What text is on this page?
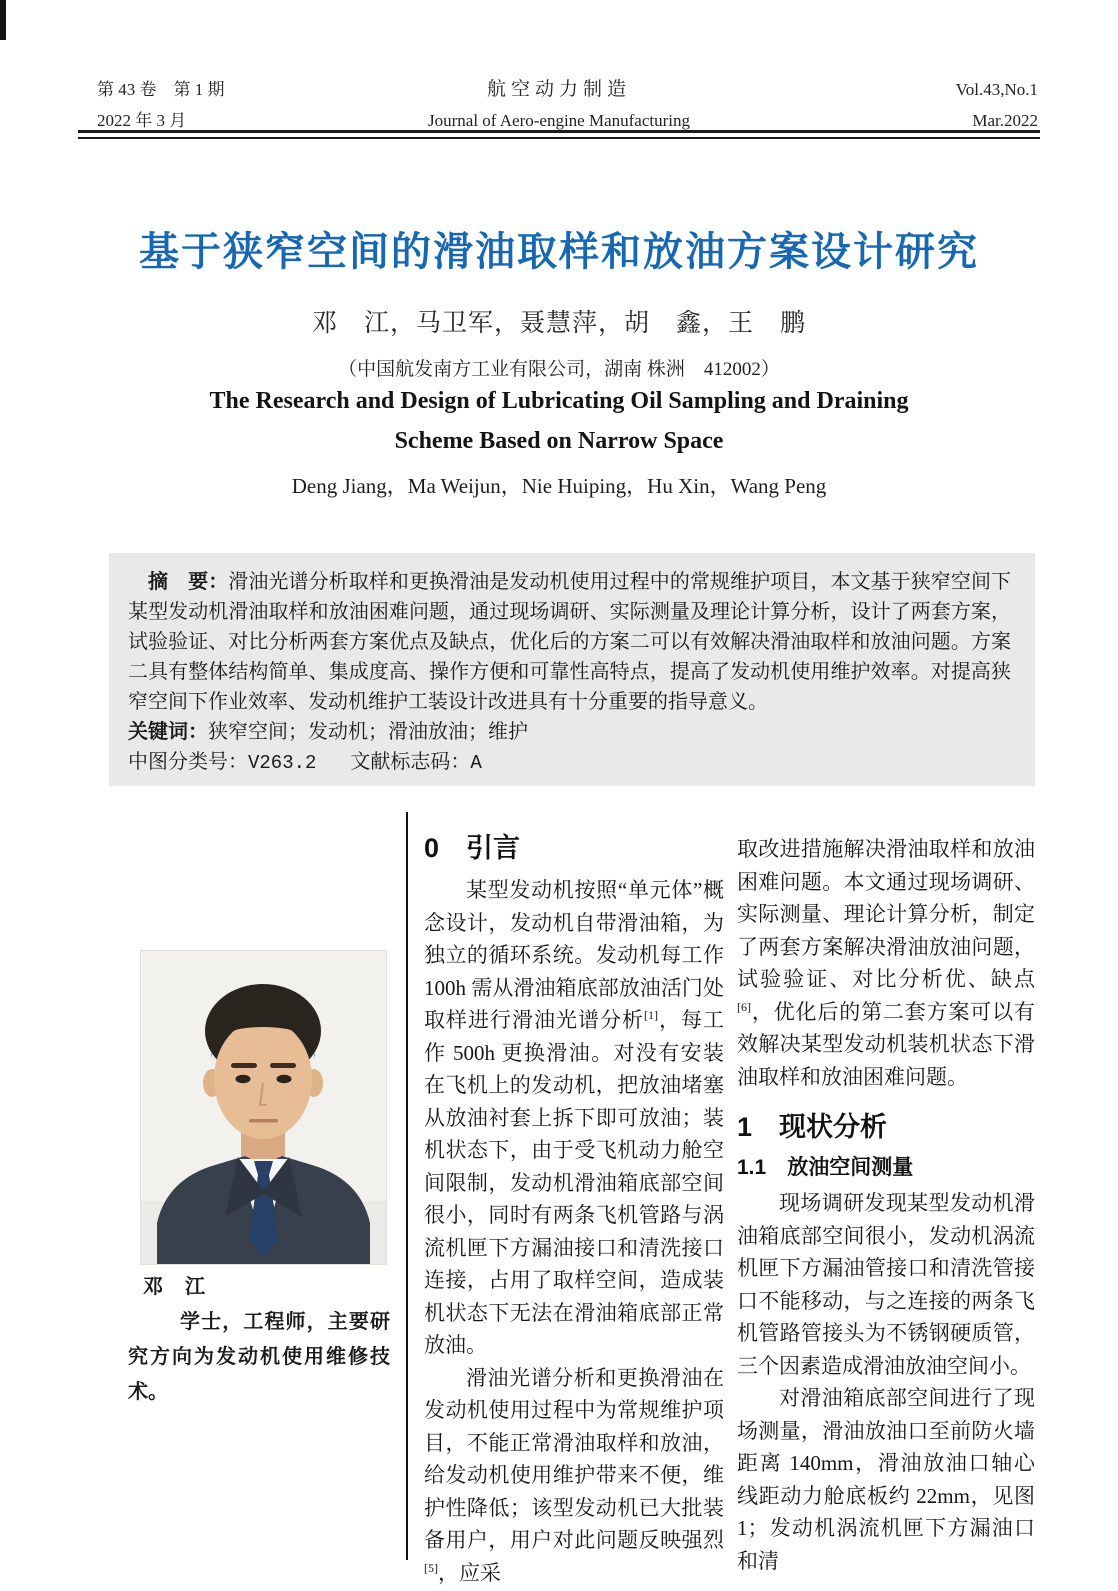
第 43 卷　第 1 期
2022 年 3 月
航空动力制造
Journal of Aero-engine Manufacturing
Vol.43,No.1
Mar.2022
基于狭窄空间的滑油取样和放油方案设计研究
邓　江，马卫军，聂慧萍，胡　鑫，王　鹏
（中国航发南方工业有限公司，湖南 株洲　412002）
The Research and Design of Lubricating Oil Sampling and Draining
Scheme Based on Narrow Space
Deng Jiang，Ma Weijun，Nie Huiping，Hu Xin，Wang Peng

摘　要：滑油光谱分析取样和更换滑油是发动机使用过程中的常规维护项目，本文基于狭窄空间下某型发动机滑油取样和放油困难问题，通过现场调研、实际测量及理论计算分析，设计了两套方案，试验验证、对比分析两套方案优点及缺点，优化后的方案二可以有效解决滑油取样和放油问题。方案二具有整体结构简单、集成度高、操作方便和可靠性高特点，提高了发动机使用维护效率。对提高狭窄空间下作业效率、发动机维护工装设计改进具有十分重要的指导意义。

关键词：狭窄空间；发动机；滑油放油；维护
中图分类号：V263.2 文献标志码：A
邓　江

学士，工程师，主要研究方向为发动机使用维修技术。

0　引言

某型发动机按照“单元体”概念设计，发动机自带滑油箱，为独立的循环系统。发动机每工作 100h 需从滑油箱底部放油活门处取样进行滑油光谱分析[1]，每工作 500h 更换滑油。对没有安装在飞机上的发动机，把放油堵塞从放油衬套上拆下即可放油；装机状态下，由于受飞机动力舱空间限制，发动机滑油箱底部空间很小，同时有两条飞机管路与涡流机匣下方漏油接口和清洗接口连接，占用了取样空间，造成装机状态下无法在滑油箱底部正常放油。

滑油光谱分析和更换滑油在发动机使用过程中为常规维护项目，不能正常滑油取样和放油，给发动机使用维护带来不便，维护性降低；该型发动机已大批装备用户，用户对此问题反映强烈[5]，应采

取改进措施解决滑油取样和放油困难问题。本文通过现场调研、实际测量、理论计算分析，制定了两套方案解决滑油放油问题，试验验证、对比分析优、缺点[6]，优化后的第二套方案可以有效解决某型发动机装机状态下滑油取样和放油困难问题。

1　现状分析
1.1　放油空间测量

现场调研发现某型发动机滑油箱底部空间很小，发动机涡流机匣下方漏油管接口和清洗管接口不能移动，与之连接的两条飞机管路管接头为不锈钢硬质管，三个因素造成滑油放油空间小。

对滑油箱底部空间进行了现场测量，滑油放油口至前防火墙距离 140mm，滑油放油口轴心线距动力舱底板约 22mm，见图 1；发动机涡流机匣下方漏油口和清
